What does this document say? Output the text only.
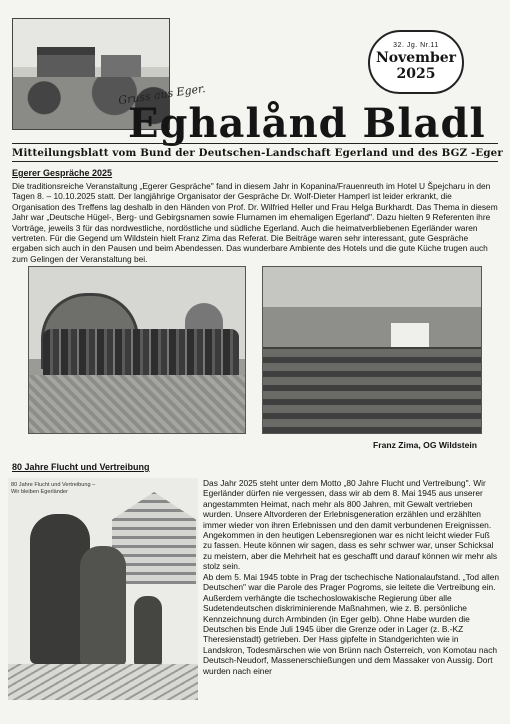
Gruss aus Eger.
32. Jg. Nr.11
November
2025
Eghalånd Bladl
Mitteilungsblatt vom Bund der Deutschen-Landschaft Egerland und des BGZ -Eger
Egerer Gespräche 2025
Die traditionsreiche Veranstaltung „Egerer Gespräche" fand in diesem Jahr in Kopanina/Frauenreuth im Hotel U Špejcharu in den Tagen 8. – 10.10.2025 statt. Der langjährige Organisator der Gespräche Dr. Wolf-Dieter Hamperl ist leider erkrankt, die Organisation des Treffens lag deshalb in den Händen von Prof. Dr. Wilfried Heller und Frau Helga Burkhardt. Das Thema in diesem Jahr war „Deutsche Hügel-, Berg- und Gebirgsnamen sowie Flurnamen im ehemaligen Egerland". Dazu hielten 9 Referenten ihre Vorträge, jeweils 3 für das nordwestliche, nordöstliche und südliche Egerland. Auch die heimatverbliebenen Egerländer waren vertreten. Für die Gegend um Wildstein hielt Franz Zima das Referat. Die Beiträge waren sehr interessant, gute Gespräche ergaben sich auch in den Pausen und beim Abendessen. Das wunderbare Ambiente des Hotels und die gute Küche trugen auch zum Gelingen der Veranstaltung bei.
Franz Zima, OG Wildstein
80 Jahre Flucht und Vertreibung
80 Jahre Flucht und Vertreibung –
Wir bleiben Egerländer
Das Jahr 2025 steht unter dem Motto „80 Jahre Flucht und Vertreibung". Wir Egerländer dürfen nie vergessen, dass wir ab dem 8. Mai 1945 aus unserer angestammten Heimat, nach mehr als 800 Jahren, mit Gewalt vertrieben wurden. Unsere Altvorderen der Erlebnisgeneration erzählen und erzählten immer wieder von ihren Erlebnissen und den damit verbundenen Ereignissen. Angekommen in den heutigen Lebensregionen war es nicht leicht wieder Fuß zu fassen. Heute können wir sagen, dass es sehr schwer war, unser Schicksal zu meistern, aber die Mehrheit hat es geschafft und darauf können wir mehr als stolz sein.
Ab dem 5. Mai 1945 tobte in Prag der tschechische Nationalaufstand. „Tod allen Deutschen" war die Parole des Prager Pogroms, sie leitete die Vertreibung ein. Außerdem verhängte die tschechoslowakische Regierung über alle Sudetendeutschen diskriminierende Maßnahmen, wie z. B. persönliche Kennzeichnung durch Armbinden (in Eger gelb). Ohne Habe wurden die Deutschen bis Ende Juli 1945 über die Grenze oder in Lager (z. B.-KZ Theresienstadt) getrieben. Der Hass gipfelte in Standgerichten wie in Landskron, Todesmärschen wie von Brünn nach Österreich, von Komotau nach Deutsch-Neudorf, Massenerschießungen und dem Massaker von Aussig. Dort wurden nach einer
